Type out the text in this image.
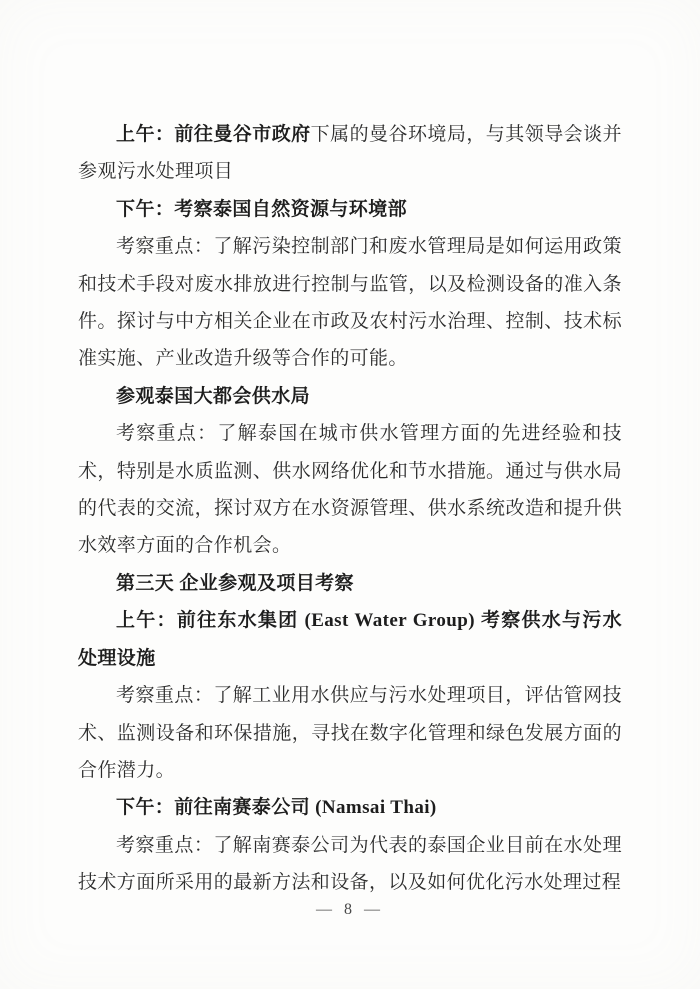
上午：前往曼谷市政府下属的曼谷环境局，与其领导会谈并参观污水处理项目

下午：考察泰国自然资源与环境部

考察重点：了解污染控制部门和废水管理局是如何运用政策和技术手段对废水排放进行控制与监管，以及检测设备的准入条件。探讨与中方相关企业在市政及农村污水治理、控制、技术标准实施、产业改造升级等合作的可能。

参观泰国大都会供水局

考察重点：了解泰国在城市供水管理方面的先进经验和技术，特别是水质监测、供水网络优化和节水措施。通过与供水局的代表的交流，探讨双方在水资源管理、供水系统改造和提升供水效率方面的合作机会。

第三天 企业参观及项目考察

上午：前往东水集团 (East Water Group) 考察供水与污水处理设施

考察重点：了解工业用水供应与污水处理项目，评估管网技术、监测设备和环保措施，寻找在数字化管理和绿色发展方面的合作潜力。

下午：前往南赛泰公司 (Namsai Thai)

考察重点：了解南赛泰公司为代表的泰国企业目前在水处理技术方面所采用的最新方法和设备，以及如何优化污水处理过程

— 8 —
